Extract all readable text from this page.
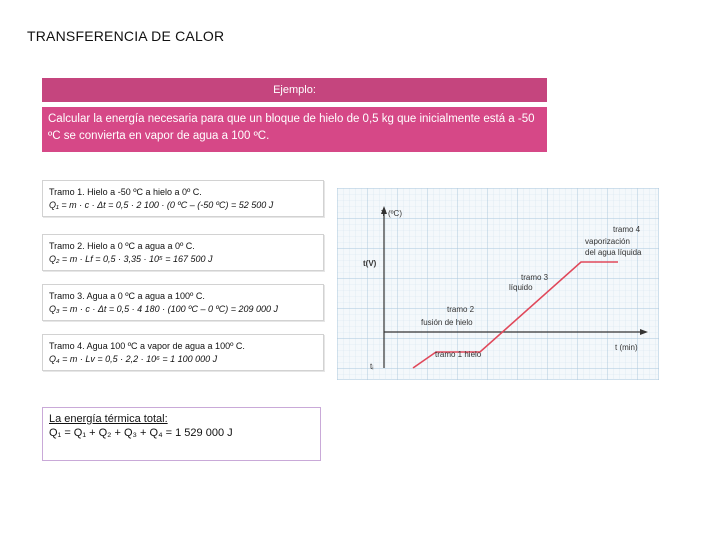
TRANSFERENCIA DE CALOR
Ejemplo:
Calcular la energía necesaria para que un bloque de hielo de 0,5 kg que inicialmente está a -50 ºC se convierta en vapor de agua a 100 ºC.
Tramo 1. Hielo a -50 ºC a hielo a 0º C.
Q₁ = m · c · Δt = 0,5 · 2 100 · (0 ºC – (-50 ºC) = 52 500 J
Tramo 2. Hielo a 0 ºC a agua a 0º C.
Q₂ = m · Lf = 0,5 · 3,35 · 10⁵ = 167 500 J
Tramo 3. Agua a 0 ºC a agua a 100º C.
Q₃ = m · c · Δt = 0,5 · 4 180 · (100 ºC – 0 ºC) = 209 000 J
Tramo 4. Agua 100 ºC a vapor de agua a 100º C.
Q₄ = m · Lv = 0,5 · 2,2 · 10⁶ = 1 100 000 J
La energía térmica total:
Q₁ = Q₁ + Q₂ + Q₃ + Q₄ = 1 529 000 J
T (ºC)
t(V)
tᵢ
t (min)
tramo 1 hielo
tramo 2
fusión de hielo
tramo 3
líquido
tramo 4
vaporización
del agua líquida
